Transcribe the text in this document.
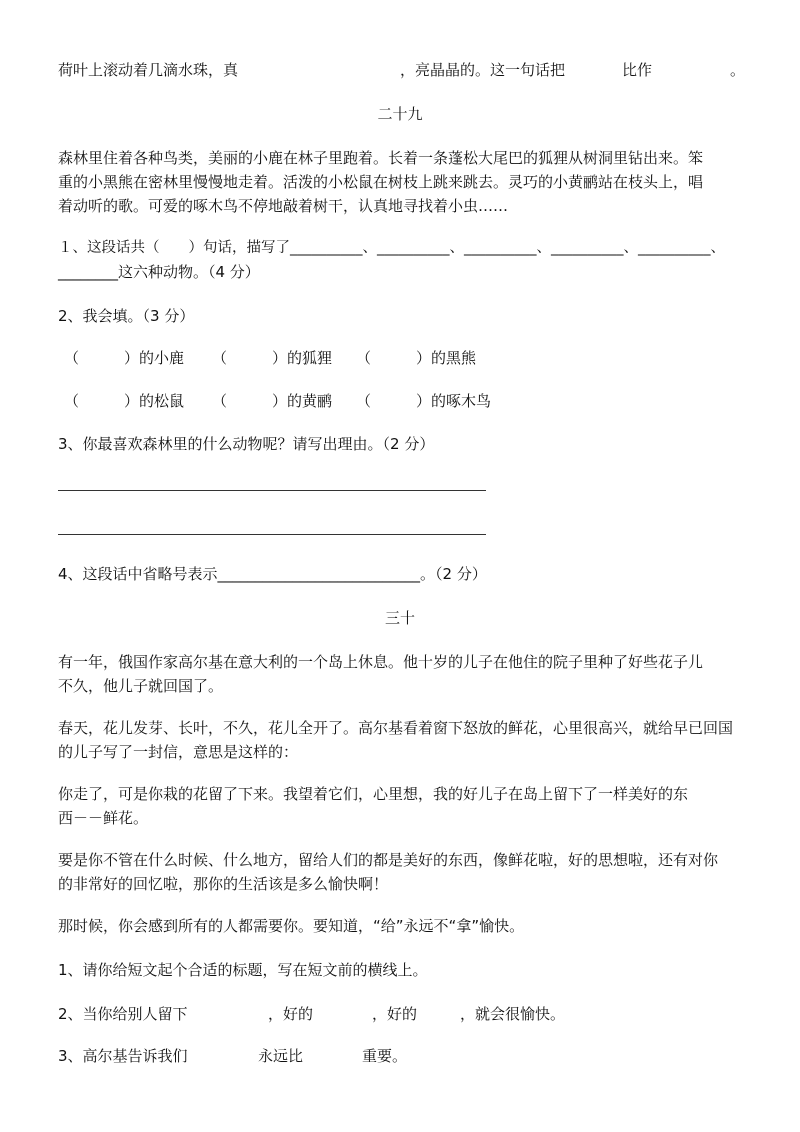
荷叶上滚动着几滴水珠，真	，亮晶晶的。这一句话把	比作	。
二十九
森林里住着各种鸟类，美丽的小鹿在林子里跑着。长着一条蓬松大尾巴的狐狸从树洞里钻出来。笨
重的小黑熊在密林里慢慢地走着。活泼的小松鼠在树枝上跳来跳去。灵巧的小黄鹂站在枝头上，唱
着动听的歌。可爱的啄木鸟不停地敲着树干，认真地寻找着小虫……
１、这段话共（　　）句话，描写了__________、__________、__________、__________、__________、
________这六种动物。（4 分）
2、我会填。（3 分）
（　　　）的小鹿 （　　　）的狐狸 （　　　）的黑熊
（　　　）的松鼠 （　　　）的黄鹂 （　　　）的啄木鸟
3、你最喜欢森林里的什么动物呢？请写出理由。（2 分）
4、这段话中省略号表示___________________________。（2 分）
三十
有一年，俄国作家高尔基在意大利的一个岛上休息。他十岁的儿子在他住的院子里种了好些花子儿
不久，他儿子就回国了。
春天，花儿发芽、长叶，不久，花儿全开了。高尔基看着窗下怒放的鲜花，心里很高兴，就给早已回国
的儿子写了一封信，意思是这样的：
你走了，可是你栽的花留了下来。我望着它们，心里想，我的好儿子在岛上留下了一样美好的东
西－－鲜花。
要是你不管在什么时候、什么地方，留给人们的都是美好的东西，像鲜花啦，好的思想啦，还有对你
的非常好的回忆啦，那你的生活该是多么愉快啊！
那时候，你会感到所有的人都需要你。要知道，“给”永远不“拿”愉快。
1、请你给短文起个合适的标题，写在短文前的横线上。
2、当你给别人留下	，好的	，好的	，就会很愉快。
3、高尔基告诉我们	永远比	重要。
